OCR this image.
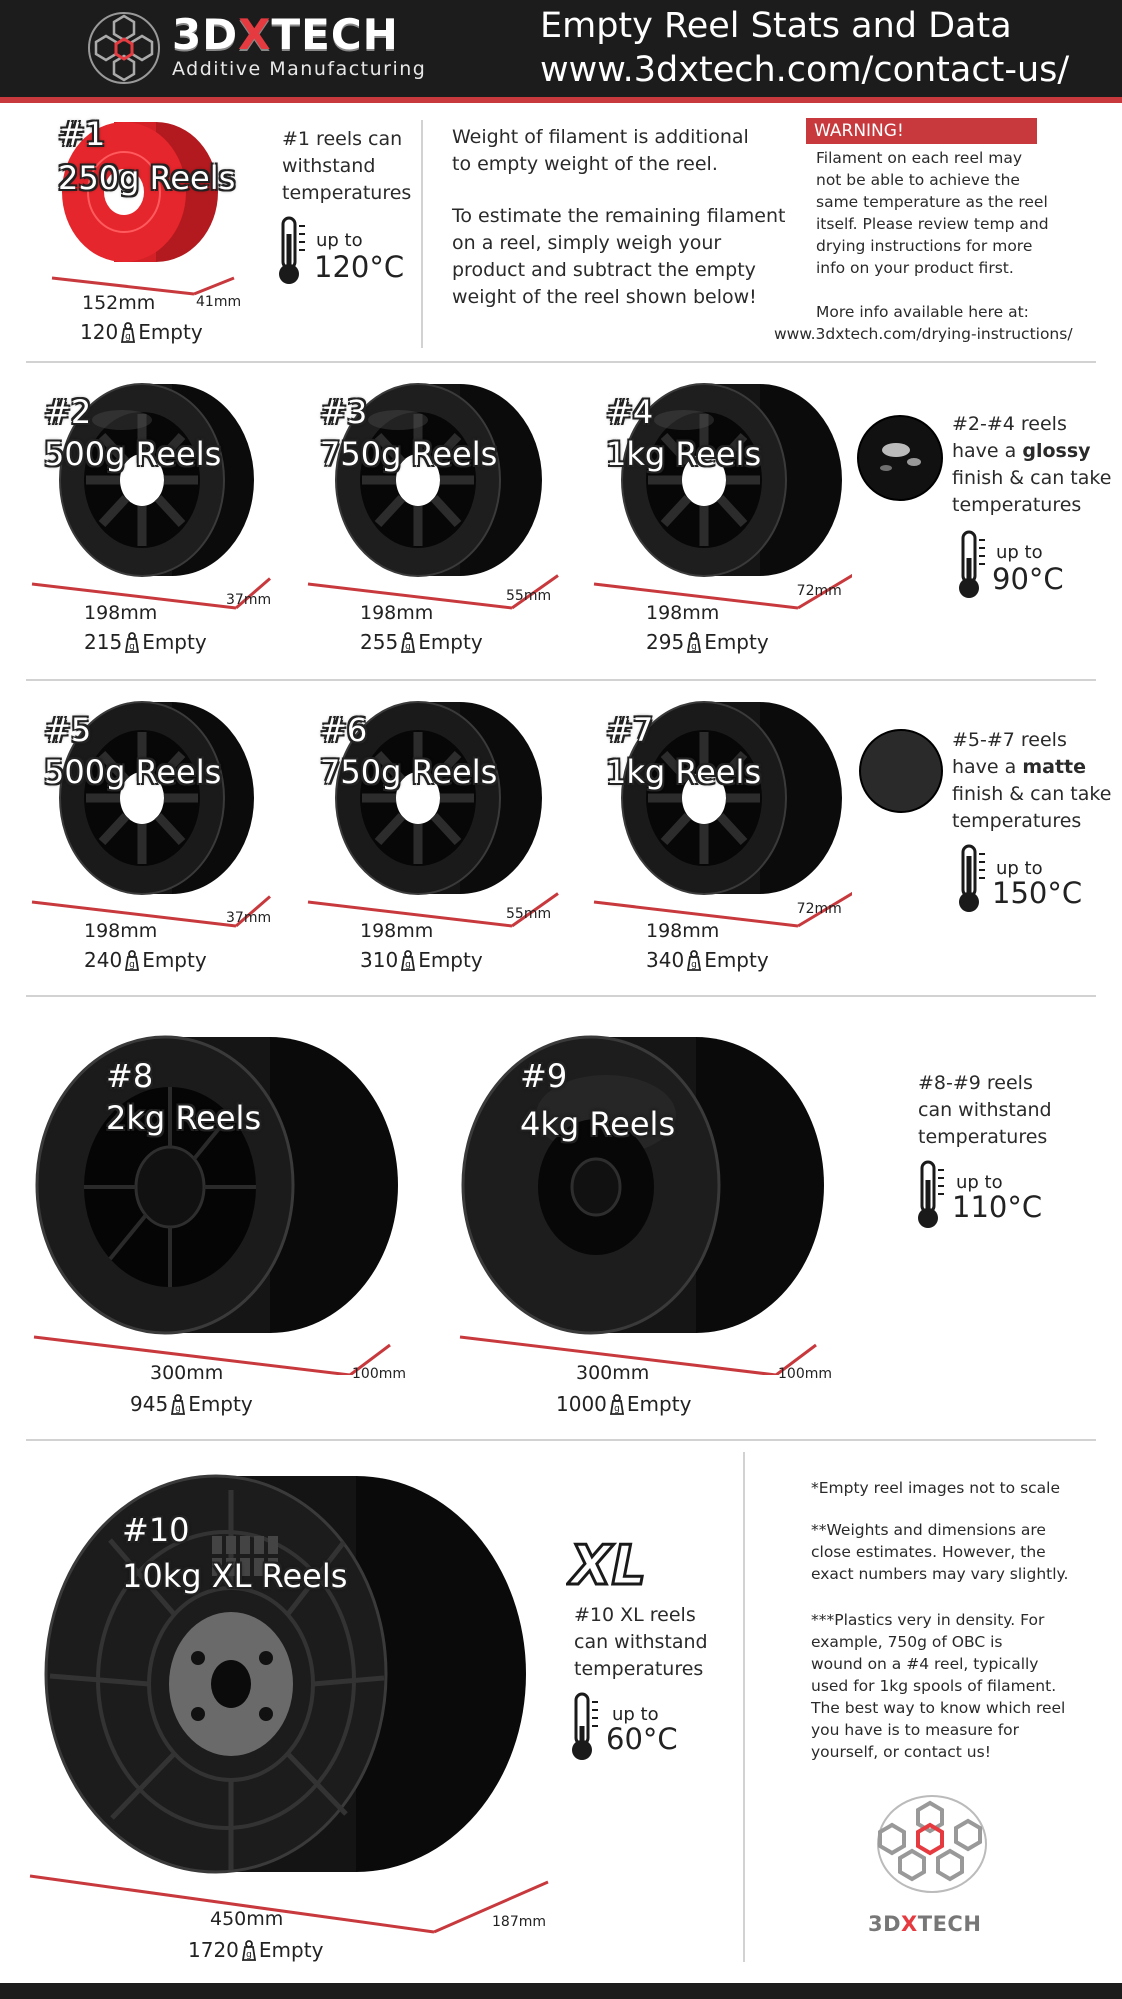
3DXTECH
Additive Manufacturing
Empty Reel Stats and Data
www.3dxtech.com/contact-us/
#1
250g Reels
152mm	41mm
120 g Empty
#1 reels can
withstand
temperatures
up to
120°C
Weight of filament is additional
to empty weight of the reel.
To estimate the remaining filament
on a reel, simply weigh your
product and subtract the empty
weight of the reel shown below!
WARNING!
Filament on each reel may
not be able to achieve the
same temperature as the reel
itself. Please review temp and
drying instructions for more
info on your product first.
More info available here at:
www.3dxtech.com/drying-instructions/
#2
500g Reels
198mm
37mm
215 g Empty
#3
750g Reels
198mm
55mm
255 g Empty
#4
1kg Reels
198mm
72mm
295 g Empty
#5
500g Reels
198mm
37mm
240 g Empty
#6
750g Reels
198mm
55mm
310 g Empty
#7
1kg Reels
198mm
72mm
340 g Empty
#2-#4 reels
have a glossy
finish & can take
temperatures
up to
90°C
#5-#7 reels
have a matte
finish & can take
temperatures
up to
150°C
#8
2kg Reels
300mm	100mm
945 g Empty
#9
4kg Reels
300mm	100mm
1000 g Empty
#8-#9 reels
can withstand
temperatures
up to
110°C
#10
10kg XL Reels
450mm	187mm
1720 g Empty
XL
#10 XL reels
can withstand
temperatures
up to
60°C
*Empty reel images not to scale
**Weights and dimensions are
close estimates. However, the
exact numbers may vary slightly.
***Plastics very in density. For
example, 750g of OBC is
wound on a #4 reel, typically
used for 1kg spools of filament.
The best way to know which reel
you have is to measure for
yourself, or contact us!
3DXTECH
